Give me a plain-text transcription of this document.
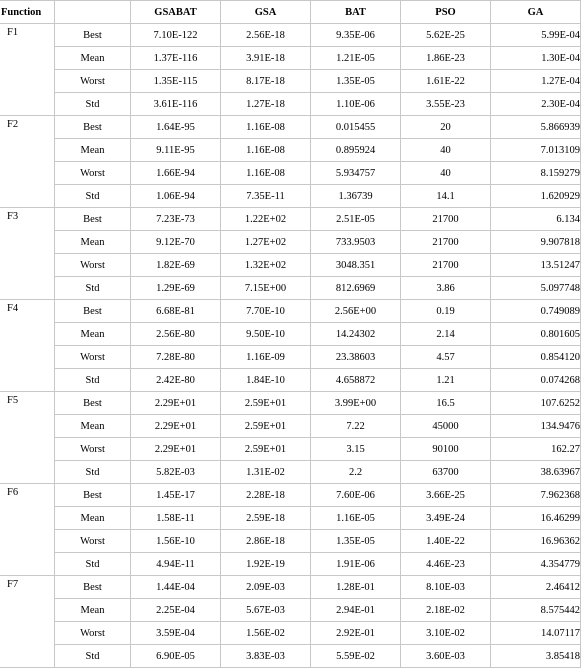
Function		GSABAT	GSA	BAT	PSO	GA
F1	Best	7.10E-122	2.56E-18	9.35E-06	5.62E-25	5.99E-04
	Mean	1.37E-116	3.91E-18	1.21E-05	1.86E-23	1.30E-04
	Worst	1.35E-115	8.17E-18	1.35E-05	1.61E-22	1.27E-04
	Std	3.61E-116	1.27E-18	1.10E-06	3.55E-23	2.30E-04
F2	Best	1.64E-95	1.16E-08	0.015455	20	5.866939
	Mean	9.11E-95	1.16E-08	0.895924	40	7.013109
	Worst	1.66E-94	1.16E-08	5.934757	40	8.159279
	Std	1.06E-94	7.35E-11	1.36739	14.1	1.620929
F3	Best	7.23E-73	1.22E+02	2.51E-05	21700	6.134
	Mean	9.12E-70	1.27E+02	733.9503	21700	9.907818
	Worst	1.82E-69	1.32E+02	3048.351	21700	13.51247
	Std	1.29E-69	7.15E+00	812.6969	3.86	5.097748
F4	Best	6.68E-81	7.70E-10	2.56E+00	0.19	0.749089
	Mean	2.56E-80	9.50E-10	14.24302	2.14	0.801605
	Worst	7.28E-80	1.16E-09	23.38603	4.57	0.854120
	Std	2.42E-80	1.84E-10	4.658872	1.21	0.074268
F5	Best	2.29E+01	2.59E+01	3.99E+00	16.5	107.6252
	Mean	2.29E+01	2.59E+01	7.22	45000	134.9476
	Worst	2.29E+01	2.59E+01	3.15	90100	162.27
	Std	5.82E-03	1.31E-02	2.2	63700	38.63967
F6	Best	1.45E-17	2.28E-18	7.60E-06	3.66E-25	7.962368
	Mean	1.58E-11	2.59E-18	1.16E-05	3.49E-24	16.46299
	Worst	1.56E-10	2.86E-18	1.35E-05	1.40E-22	16.96362
	Std	4.94E-11	1.92E-19	1.91E-06	4.46E-23	4.354779
F7	Best	1.44E-04	2.09E-03	1.28E-01	8.10E-03	2.46412
	Mean	2.25E-04	5.67E-03	2.94E-01	2.18E-02	8.575442
	Worst	3.59E-04	1.56E-02	2.92E-01	3.10E-02	14.07117
	Std	6.90E-05	3.83E-03	5.59E-02	3.60E-03	3.85418
